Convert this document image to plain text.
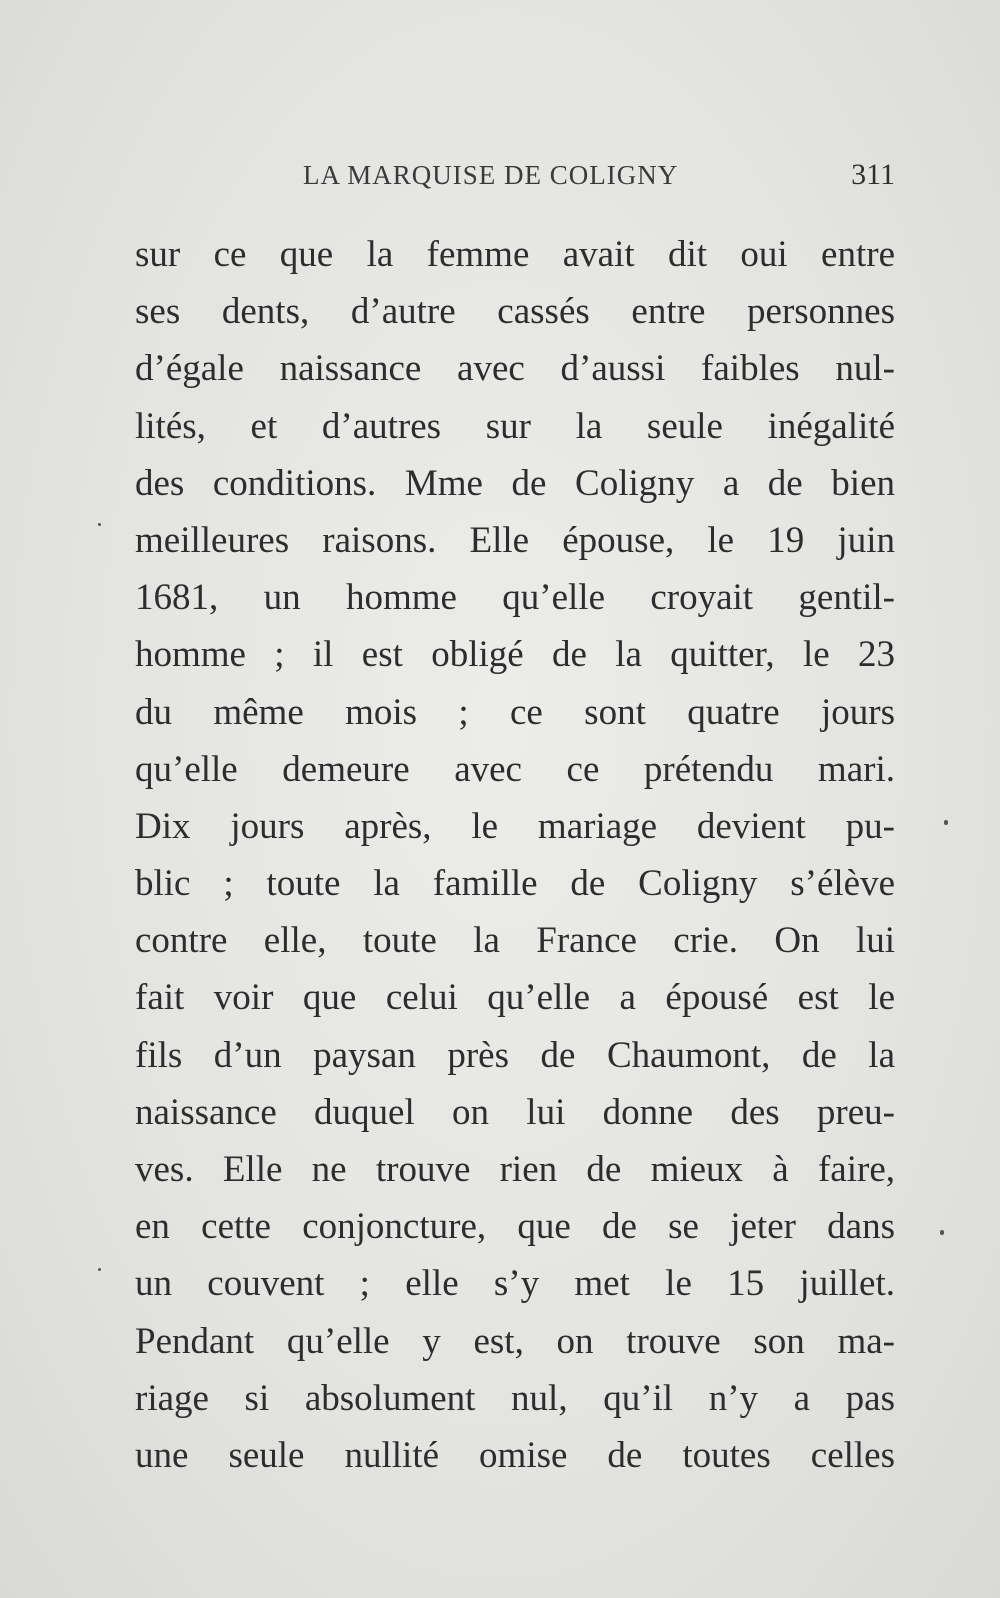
LA MARQUISE DE COLIGNY	311
sur ce que la femme avait dit oui entre
ses dents, d’autre cassés entre personnes
d’égale naissance avec d’aussi faibles nul-
lités, et d’autres sur la seule inégalité
des conditions. Mme de Coligny a de bien
meilleures raisons. Elle épouse, le 19 juin
1681, un homme qu’elle croyait gentil-
homme ; il est obligé de la quitter, le 23
du même mois ; ce sont quatre jours
qu’elle demeure avec ce prétendu mari.
Dix jours après, le mariage devient pu-
blic ; toute la famille de Coligny s’élève
contre elle, toute la France crie. On lui
fait voir que celui qu’elle a épousé est le
fils d’un paysan près de Chaumont, de la
naissance duquel on lui donne des preu-
ves. Elle ne trouve rien de mieux à faire,
en cette conjoncture, que de se jeter dans
un couvent ; elle s’y met le 15 juillet.
Pendant qu’elle y est, on trouve son ma-
riage si absolument nul, qu’il n’y a pas
une seule nullité omise de toutes celles
